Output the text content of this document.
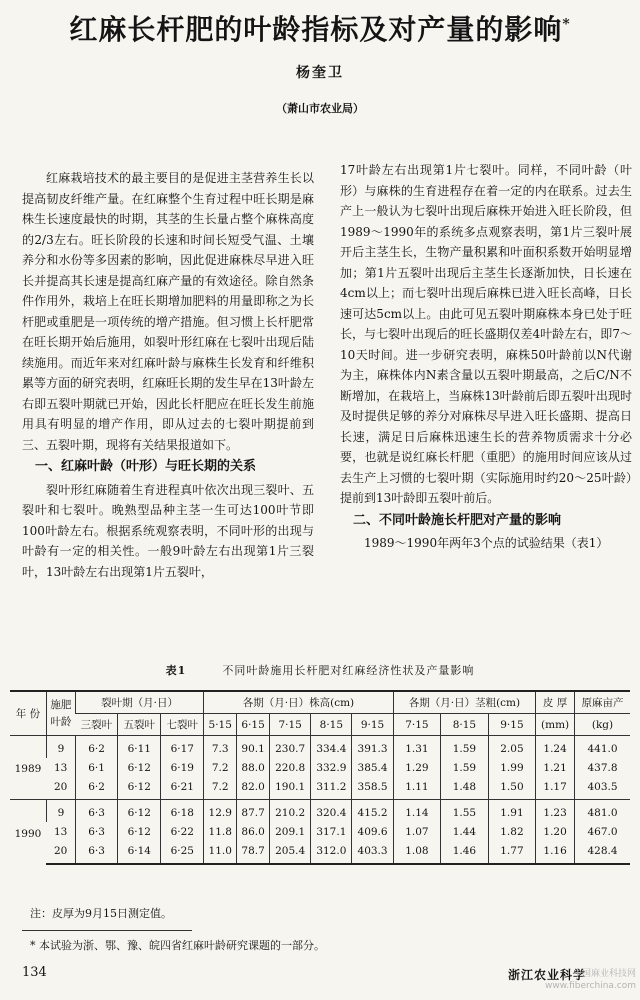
红麻长杆肥的叶龄指标及对产量的影响*
杨奎卫
（萧山市农业局）

红麻栽培技术的最主要目的是促进主茎营养生长以提高韧皮纤维产量。在红麻整个生育过程中旺长期是麻株生长速度最快的时期，其茎的生长量占整个麻株高度的2/3左右。旺长阶段的长速和时间长短受气温、土壤养分和水份等多因素的影响，因此促进麻株尽早进入旺长并提高其长速是提高红麻产量的有效途径。除自然条件作用外，栽培上在旺长期增加肥料的用量即称之为长杆肥或重肥是一项传统的增产措施。但习惯上长杆肥常在旺长期开始后施用，如裂叶形红麻在七裂叶出现后陆续施用。而近年来对红麻叶龄与麻株生长发育和纤维积累等方面的研究表明，红麻旺长期的发生早在13叶龄左右即五裂叶期就已开始，因此长杆肥应在旺长发生前施用具有明显的增产作用，即从过去的七裂叶期提前到三、五裂叶期，现将有关结果报道如下。

一、红麻叶龄（叶形）与旺长期的关系

裂叶形红麻随着生育进程真叶依次出现三裂叶、五裂叶和七裂叶。晚熟型品种主茎一生可达100叶节即100叶龄左右。根据系统观察表明，不同叶形的出现与叶龄有一定的相关性。一般9叶龄左右出现第1片三裂叶，13叶龄左右出现第1片五裂叶，

17叶龄左右出现第1片七裂叶。同样，不同叶龄（叶形）与麻株的生育进程存在着一定的内在联系。过去生产上一般认为七裂叶出现后麻株开始进入旺长阶段，但1989～1990年的系统多点观察表明，第1片三裂叶展开后主茎生长，生物产量积累和叶面积系数开始明显增加；第1片五裂叶出现后主茎生长逐渐加快，日长速在4cm以上；而七裂叶出现后麻株已进入旺长高峰，日长速可达5cm以上。由此可见五裂叶期麻株本身已处于旺长，与七裂叶出现后的旺长盛期仅差4叶龄左右，即7～10天时间。进一步研究表明，麻株50叶龄前以N代谢为主，麻株体内N素含量以五裂叶期最高，之后C/N不断增加，在栽培上，当麻株13叶龄前后即五裂叶出现时及时提供足够的养分对麻株尽早进入旺长盛期、提高日长速，满足日后麻株迅速生长的营养物质需求十分必要，也就是说红麻长杆肥（重肥）的施用时间应该从过去生产上习惯的七裂叶期（实际施用时约20～25叶龄）提前到13叶龄即五裂叶前后。

二、不同叶龄施长杆肥对产量的影响

1989～1990年两年3个点的试验结果（表1）

表1	不同叶龄施用长杆肥对红麻经济性状及产量影响
年 份	施肥叶龄	裂叶期（月·日）			各期（月·日）株高(cm)					各期（月·日）茎粗(cm)			皮 厚	原麻亩产
		三裂叶	五裂叶	七裂叶	5·15	6·15	7·15	8·15	9·15	7·15	8·15	9·15	(mm)	(kg)
1989	9	6·2	6·11	6·17	7.3	90.1	230.7	334.4	391.3	1.31	1.59	2.05	1.24	441.0
	13	6·1	6·12	6·19	7.2	88.0	220.8	332.9	385.4	1.29	1.59	1.99	1.21	437.8
	20	6·2	6·12	6·21	7.2	82.0	190.1	311.2	358.5	1.11	1.48	1.50	1.17	403.5
1990	9	6·3	6·12	6·18	12.9	87.7	210.2	320.4	415.2	1.14	1.55	1.91	1.23	481.0
	13	6·3	6·12	6·22	11.8	86.0	209.1	317.1	409.6	1.07	1.44	1.82	1.20	467.0
	20	6·3	6·14	6·25	11.0	78.7	205.4	312.0	403.3	1.08	1.46	1.77	1.16	428.4
注：皮厚为9月15日测定值。
* 本试验为浙、鄂、豫、皖四省红麻叶龄研究课题的一部分。
134	浙江农业科学
中国麻业科技网
www.fiberchina.com
